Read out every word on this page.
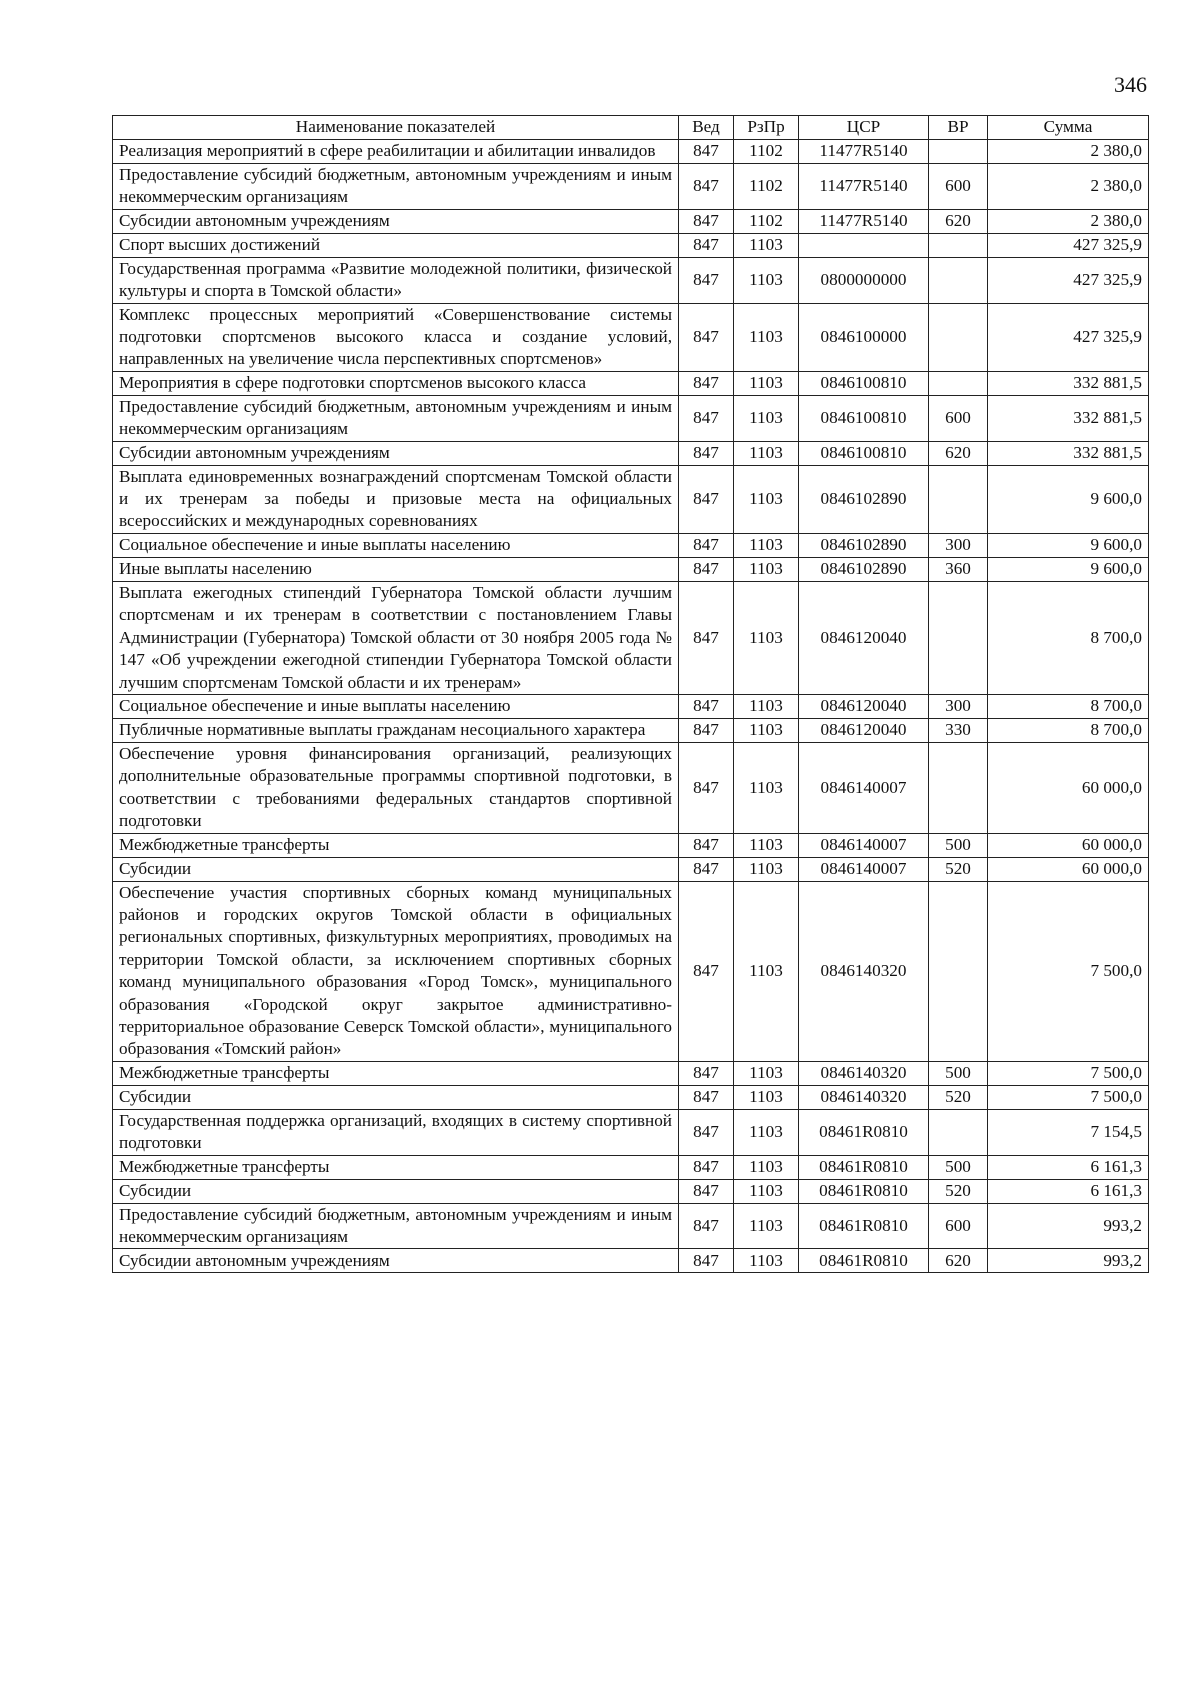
346
Наименование показателей	Вед	РзПр	ЦСР	ВР	Сумма
Реализация мероприятий в сфере реабилитации и абилитации инвалидов	847	1102	11477R5140		2 380,0
Предоставление субсидий бюджетным, автономным учреждениям и иным некоммерческим организациям	847	1102	11477R5140	600	2 380,0
Субсидии автономным учреждениям	847	1102	11477R5140	620	2 380,0
Спорт высших достижений	847	1103			427 325,9
Государственная программа «Развитие молодежной политики, физической культуры и спорта в Томской области»	847	1103	0800000000		427 325,9
Комплекс процессных мероприятий «Совершенствование системы подготовки спортсменов высокого класса и создание условий, направленных на увеличение числа перспективных спортсменов»	847	1103	0846100000		427 325,9
Мероприятия в сфере подготовки спортсменов высокого класса	847	1103	0846100810		332 881,5
Предоставление субсидий бюджетным, автономным учреждениям и иным некоммерческим организациям	847	1103	0846100810	600	332 881,5
Субсидии автономным учреждениям	847	1103	0846100810	620	332 881,5
Выплата единовременных вознаграждений спортсменам Томской области и их тренерам за победы и призовые места на официальных всероссийских и международных соревнованиях	847	1103	0846102890		9 600,0
Социальное обеспечение и иные выплаты населению	847	1103	0846102890	300	9 600,0
Иные выплаты населению	847	1103	0846102890	360	9 600,0
Выплата ежегодных стипендий Губернатора Томской области лучшим спортсменам и их тренерам в соответствии с постановлением Главы Администрации (Губернатора) Томской области от 30 ноября 2005 года № 147 «Об учреждении ежегодной стипендии Губернатора Томской области лучшим спортсменам Томской области и их тренерам»	847	1103	0846120040		8 700,0
Социальное обеспечение и иные выплаты населению	847	1103	0846120040	300	8 700,0
Публичные нормативные выплаты гражданам несоциального характера	847	1103	0846120040	330	8 700,0
Обеспечение уровня финансирования организаций, реализующих дополнительные образовательные программы спортивной подготовки, в соответствии с требованиями федеральных стандартов спортивной подготовки	847	1103	0846140007		60 000,0
Межбюджетные трансферты	847	1103	0846140007	500	60 000,0
Субсидии	847	1103	0846140007	520	60 000,0
Обеспечение участия спортивных сборных команд муниципальных районов и городских округов Томской области в официальных региональных спортивных, физкультурных мероприятиях, проводимых на территории Томской области, за исключением спортивных сборных команд муниципального образования «Город Томск», муниципального образования «Городской округ закрытое административно-территориальное образование Северск Томской области», муниципального образования «Томский район»	847	1103	0846140320		7 500,0
Межбюджетные трансферты	847	1103	0846140320	500	7 500,0
Субсидии	847	1103	0846140320	520	7 500,0
Государственная поддержка организаций, входящих в систему спортивной подготовки	847	1103	08461R0810		7 154,5
Межбюджетные трансферты	847	1103	08461R0810	500	6 161,3
Субсидии	847	1103	08461R0810	520	6 161,3
Предоставление субсидий бюджетным, автономным учреждениям и иным некоммерческим организациям	847	1103	08461R0810	600	993,2
Субсидии автономным учреждениям	847	1103	08461R0810	620	993,2
